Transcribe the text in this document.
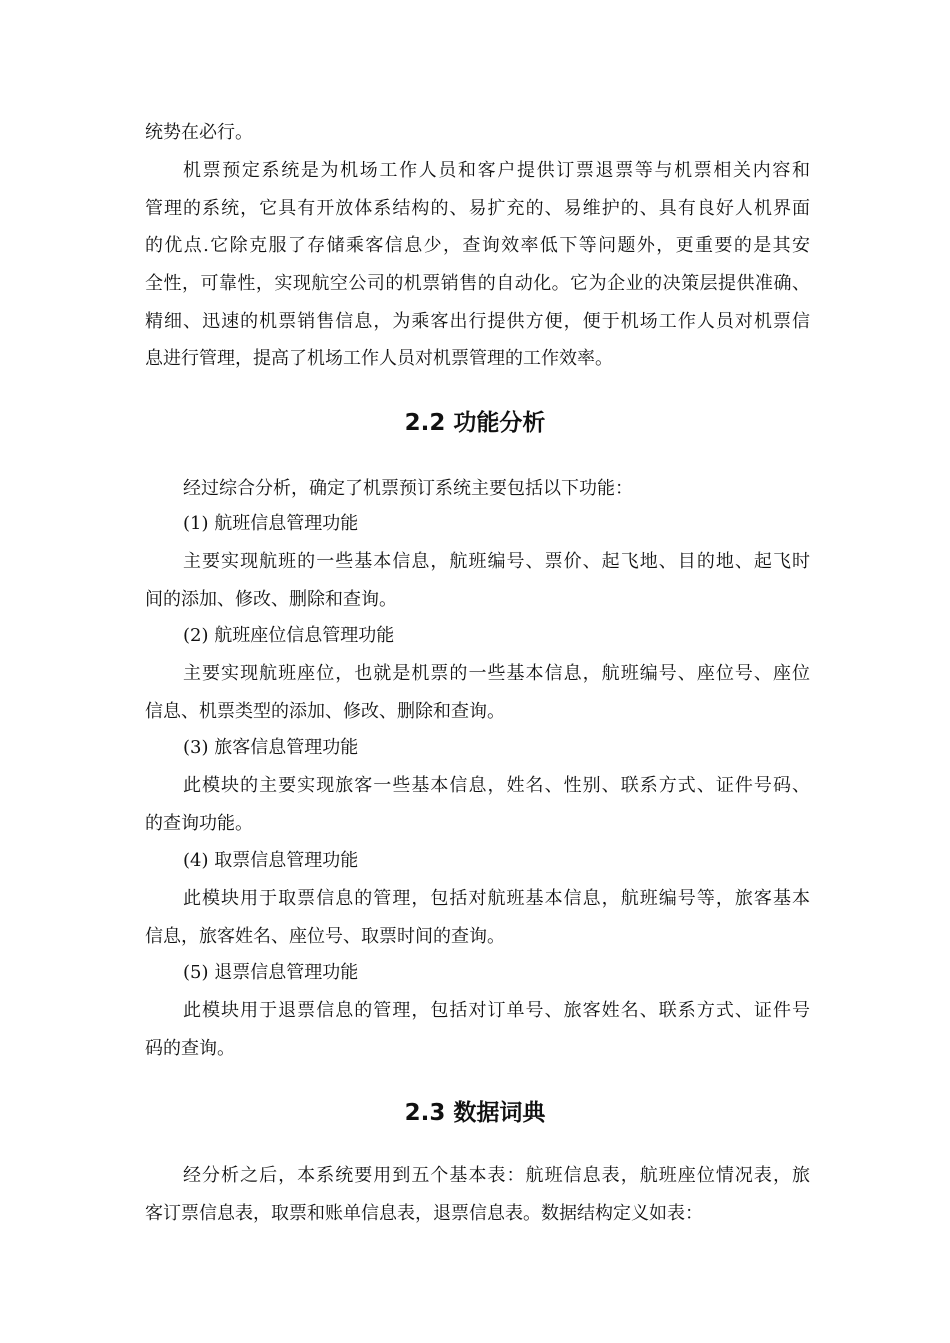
统势在必行。
机票预定系统是为机场工作人员和客户提供订票退票等与机票相关内容和
管理的系统，它具有开放体系结构的、易扩充的、易维护的、具有良好人机界面
的优点.它除克服了存储乘客信息少，查询效率低下等问题外，更重要的是其安
全性，可靠性，实现航空公司的机票销售的自动化。它为企业的决策层提供准确、
精细、迅速的机票销售信息，为乘客出行提供方便，便于机场工作人员对机票信
息进行管理，提高了机场工作人员对机票管理的工作效率。
2.2 功能分析
经过综合分析，确定了机票预订系统主要包括以下功能：
(1) 航班信息管理功能
主要实现航班的一些基本信息，航班编号、票价、起飞地、目的地、起飞时
间的添加、修改、删除和查询。
(2) 航班座位信息管理功能
主要实现航班座位，也就是机票的一些基本信息，航班编号、座位号、座位
信息、机票类型的添加、修改、删除和查询。
(3) 旅客信息管理功能
此模块的主要实现旅客一些基本信息，姓名、性别、联系方式、证件号码、
的查询功能。
(4) 取票信息管理功能
此模块用于取票信息的管理，包括对航班基本信息，航班编号等，旅客基本
信息，旅客姓名、座位号、取票时间的查询。
(5) 退票信息管理功能
此模块用于退票信息的管理，包括对订单号、旅客姓名、联系方式、证件号
码的查询。
2.3 数据词典
经分析之后，本系统要用到五个基本表：航班信息表，航班座位情况表，旅
客订票信息表，取票和账单信息表，退票信息表。数据结构定义如表：
